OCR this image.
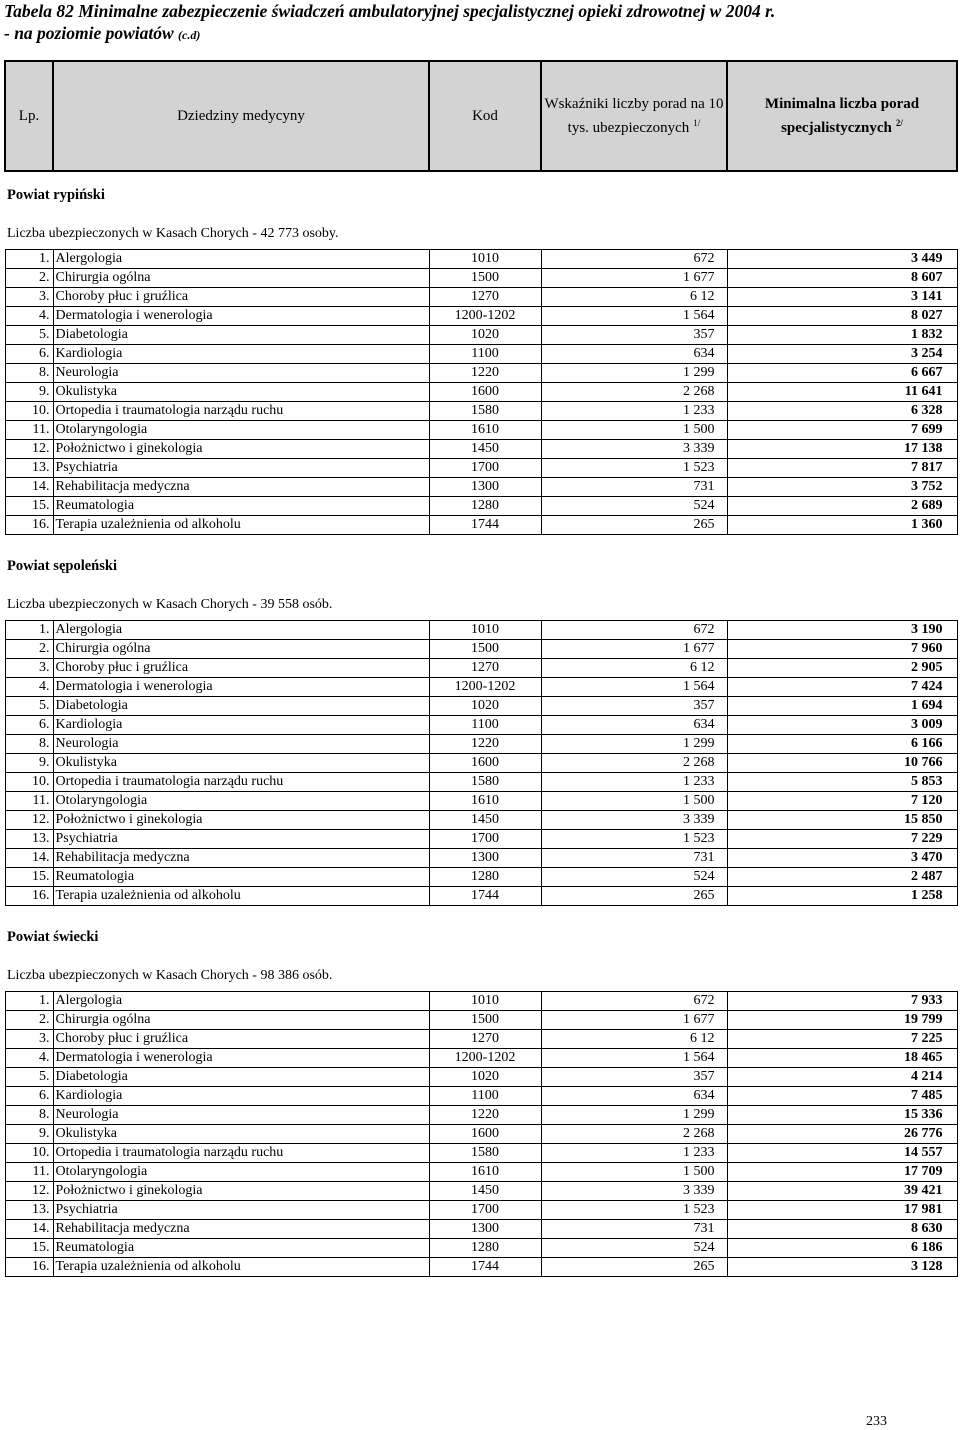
Tabela 82 Minimalne zabezpieczenie świadczeń ambulatoryjnej specjalistycznej opieki zdrowotnej w 2004 r.
- na poziomie powiatów (c.d)
Lp.	Dziedziny medycyny	Kod	Wskaźniki liczby porad na 10 tys. ubezpieczonych $^{1/}$	Minimalna liczba porad specjalistycznych $^{2/}$
Powiat rypiński				
Liczba ubezpieczonych w Kasach Chorych - 42 773 osoby.				
1.	Alergologia	1010	672	3 449
2.	Chirurgia ogólna	1500	1 677	8 607
3.	Choroby płuc i gruźlica	1270	6 12	3 141
4.	Dermatologia i wenerologia	1200-1202	1 564	8 027
5.	Diabetologia	1020	357	1 832
6.	Kardiologia	1100	634	3 254
8.	Neurologia	1220	1 299	6 667
9.	Okulistyka	1600	2 268	11 641
10.	Ortopedia i traumatologia narządu ruchu	1580	1 233	6 328
11.	Otolaryngologia	1610	1 500	7 699
12.	Położnictwo i ginekologia	1450	3 339	17 138
13.	Psychiatria	1700	1 523	7 817
14.	Rehabilitacja medyczna	1300	731	3 752
15.	Reumatologia	1280	524	2 689
16.	Terapia uzależnienia od alkoholu	1744	265	1 360
Powiat sępoleński				
Liczba ubezpieczonych w Kasach Chorych - 39 558 osób.				
1.	Alergologia	1010	672	3 190
2.	Chirurgia ogólna	1500	1 677	7 960
3.	Choroby płuc i gruźlica	1270	6 12	2 905
4.	Dermatologia i wenerologia	1200-1202	1 564	7 424
5.	Diabetologia	1020	357	1 694
6.	Kardiologia	1100	634	3 009
8.	Neurologia	1220	1 299	6 166
9.	Okulistyka	1600	2 268	10 766
10.	Ortopedia i traumatologia narządu ruchu	1580	1 233	5 853
11.	Otolaryngologia	1610	1 500	7 120
12.	Położnictwo i ginekologia	1450	3 339	15 850
13.	Psychiatria	1700	1 523	7 229
14.	Rehabilitacja medyczna	1300	731	3 470
15.	Reumatologia	1280	524	2 487
16.	Terapia uzależnienia od alkoholu	1744	265	1 258
Powiat świecki				
Liczba ubezpieczonych w Kasach Chorych - 98 386 osób.				
1.	Alergologia	1010	672	7 933
2.	Chirurgia ogólna	1500	1 677	19 799
3.	Choroby płuc i gruźlica	1270	6 12	7 225
4.	Dermatologia i wenerologia	1200-1202	1 564	18 465
5.	Diabetologia	1020	357	4 214
6.	Kardiologia	1100	634	7 485
8.	Neurologia	1220	1 299	15 336
9.	Okulistyka	1600	2 268	26 776
10.	Ortopedia i traumatologia narządu ruchu	1580	1 233	14 557
11.	Otolaryngologia	1610	1 500	17 709
12.	Położnictwo i ginekologia	1450	3 339	39 421
13.	Psychiatria	1700	1 523	17 981
14.	Rehabilitacja medyczna	1300	731	8 630
15.	Reumatologia	1280	524	6 186
16.	Terapia uzależnienia od alkoholu	1744	265	3 128
233
